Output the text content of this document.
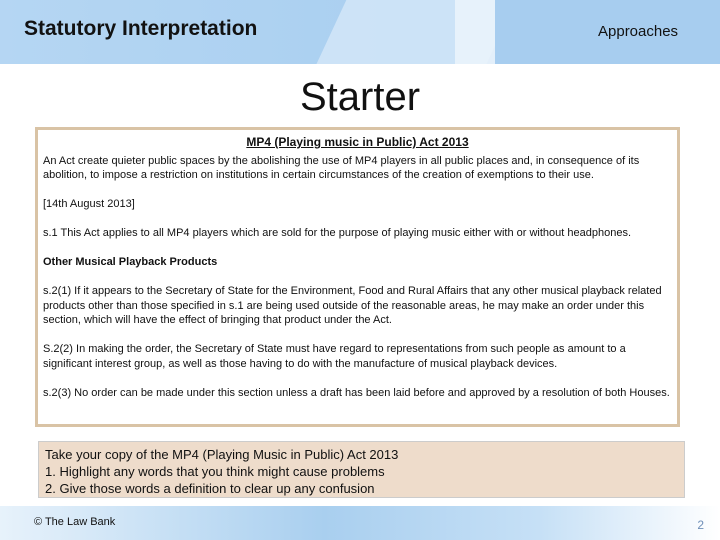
Statutory Interpretation	Approaches
Starter
MP4 (Playing music in Public) Act 2013

An Act create quieter public spaces by the abolishing the use of MP4 players in all public places and, in consequence of its abolition, to impose a restriction on institutions in certain circumstances of the creation of exemptions to their use.

[14th August 2013]

s.1 This Act applies to all MP4 players which are sold for the purpose of playing music either with or without headphones.

Other Musical Playback Products

s.2(1) If it appears to the Secretary of State for the Environment, Food and Rural Affairs that any other musical playback related products other than those specified in s.1 are being used outside of the reasonable areas, he may make an order under this section, which will have the effect of bringing that product under the Act.

S.2(2) In making the order, the Secretary of State must have regard to representations from such people as amount to a significant interest group, as well as those having to do with the manufacture of musical playback devices.

s.2(3) No order can be made under this section unless a draft has been laid before and approved by a resolution of both Houses.

Take your copy of the MP4 (Playing Music in Public) Act 2013
1. Highlight any words that you think might cause problems
2. Give those words a definition to clear up any confusion
© The Law Bank	2
